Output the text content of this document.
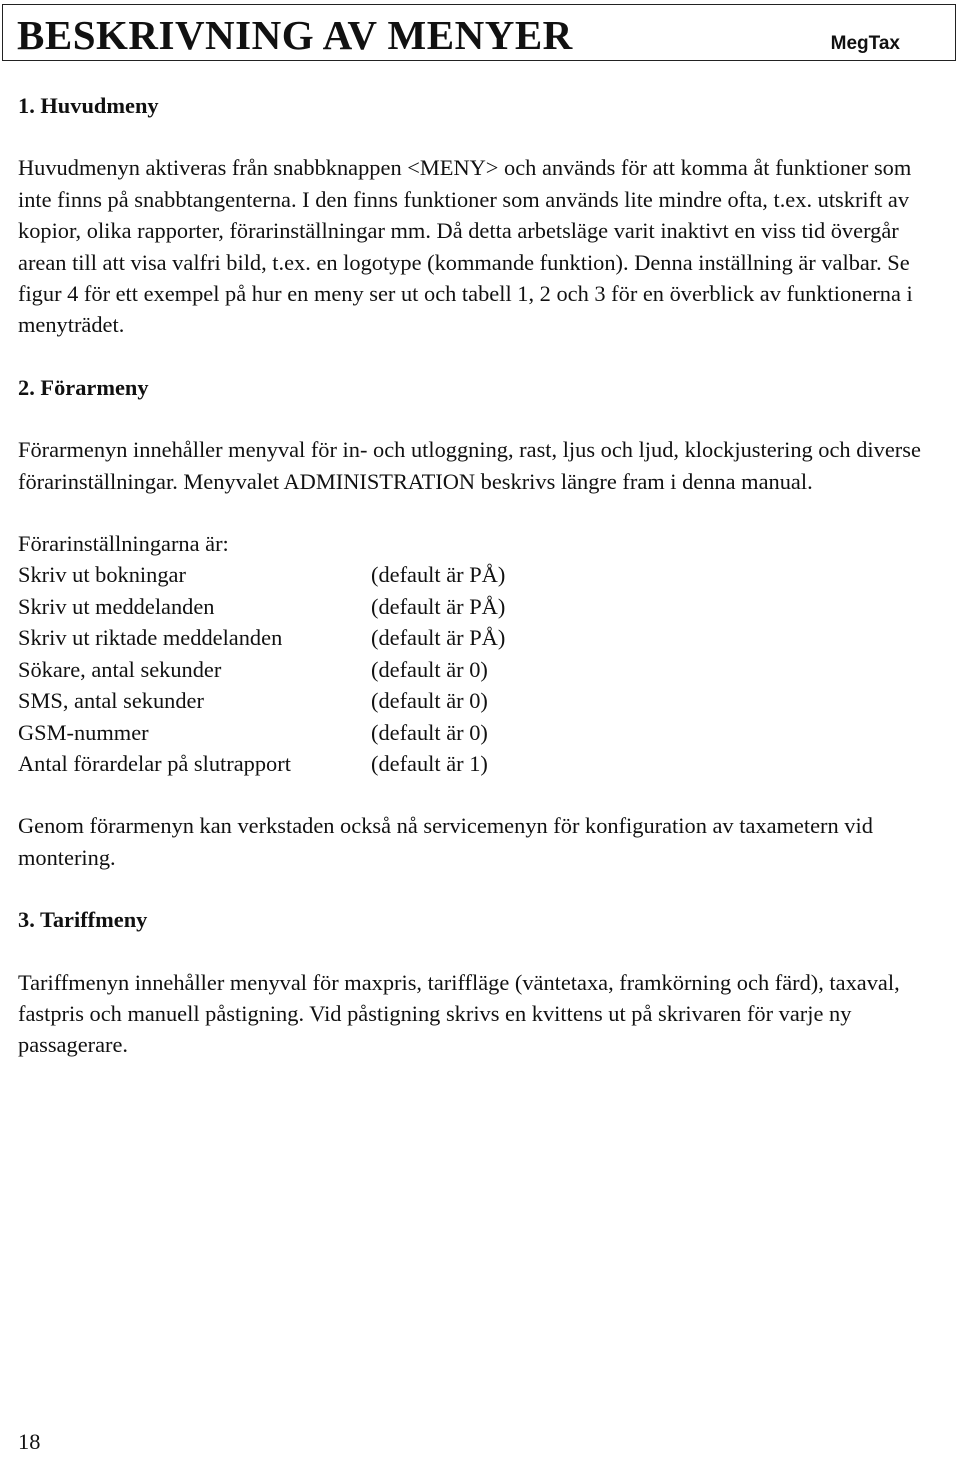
BESKRIVNING AV MENYER	MegTax
1. Huvudmeny

Huvudmenyn aktiveras från snabbknappen <MENY> och används för att komma åt funktioner som inte finns på snabbtangenterna. I den finns funktioner som används lite mindre ofta, t.ex. utskrift av kopior, olika rapporter, förarinställningar mm. Då detta arbetsläge varit inaktivt en viss tid övergår arean till att visa valfri bild, t.ex. en logotype (kommande funktion). Denna inställning är valbar. Se figur 4 för ett exempel på hur en meny ser ut och tabell 1, 2 och 3 för en överblick av funktionerna i menyträdet.

2. Förarmeny

Förarmenyn innehåller menyval för in- och utloggning, rast, ljus och ljud, klockjustering och diverse förarinställningar. Menyvalet ADMINISTRATION beskrivs längre fram i denna manual.

Förarinställningarna är:

Skriv ut bokningar	(default är PÅ)
Skriv ut meddelanden	(default är PÅ)
Skriv ut riktade meddelanden	(default är PÅ)
Sökare, antal sekunder	(default är 0)
SMS, antal sekunder	(default är 0)
GSM-nummer	(default är 0)
Antal förardelar på slutrapport	(default är 1)

Genom förarmenyn kan verkstaden också nå servicemenyn för konfiguration av taxametern vid montering.

3. Tariffmeny

Tariffmenyn innehåller menyval för maxpris, tariffläge (väntetaxa, framkörning och färd), taxaval, fastpris och manuell påstigning. Vid påstigning skrivs en kvittens ut på skrivaren för varje ny passagerare.

18
